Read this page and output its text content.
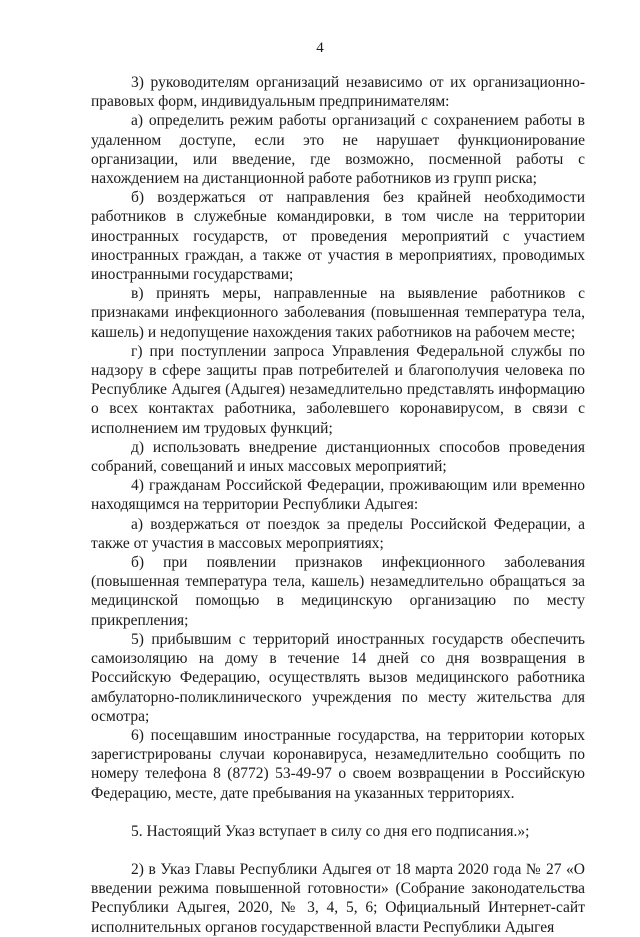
4

3) руководителям организаций независимо от их организационно-правовых форм, индивидуальным предпринимателям:

а) определить режим работы организаций с сохранением работы в удаленном доступе, если это не нарушает функционирование организации, или введение, где возможно, посменной работы с нахождением на дистанционной работе работников из групп риска;

б) воздержаться от направления без крайней необходимости работников в служебные командировки, в том числе на территории иностранных государств, от проведения мероприятий с участием иностранных граждан, а также от участия в мероприятиях, проводимых иностранными государствами;

в) принять меры, направленные на выявление работников с признаками инфекционного заболевания (повышенная температура тела, кашель) и недопущение нахождения таких работников на рабочем месте;

г) при поступлении запроса Управления Федеральной службы по надзору в сфере защиты прав потребителей и благополучия человека по Республике Адыгея (Адыгея) незамедлительно представлять информацию о всех контактах работника, заболевшего коронавирусом, в связи с исполнением им трудовых функций;

д) использовать внедрение дистанционных способов проведения собраний, совещаний и иных массовых мероприятий;

4) гражданам Российской Федерации, проживающим или временно находящимся на территории Республики Адыгея:

а) воздержаться от поездок за пределы Российской Федерации, а также от участия в массовых мероприятиях;

б) при появлении признаков инфекционного заболевания (повышенная температура тела, кашель) незамедлительно обращаться за медицинской помощью в медицинскую организацию по месту прикрепления;

5) прибывшим с территорий иностранных государств обеспечить самоизоляцию на дому в течение 14 дней со дня возвращения в Российскую Федерацию, осуществлять вызов медицинского работника амбулаторно-поликлинического учреждения по месту жительства для осмотра;

6) посещавшим иностранные государства, на территории которых зарегистрированы случаи коронавируса, незамедлительно сообщить по номеру телефона 8 (8772) 53-49-97 о своем возвращении в Российскую Федерацию, месте, дате пребывания на указанных территориях.

5. Настоящий Указ вступает в силу со дня его подписания.»;

2) в Указ Главы Республики Адыгея от 18 марта 2020 года № 27 «О введении режима повышенной готовности» (Собрание законодательства Республики Адыгея, 2020, № 3, 4, 5, 6; Официальный Интернет-сайт исполнительных органов государственной власти Республики Адыгея
